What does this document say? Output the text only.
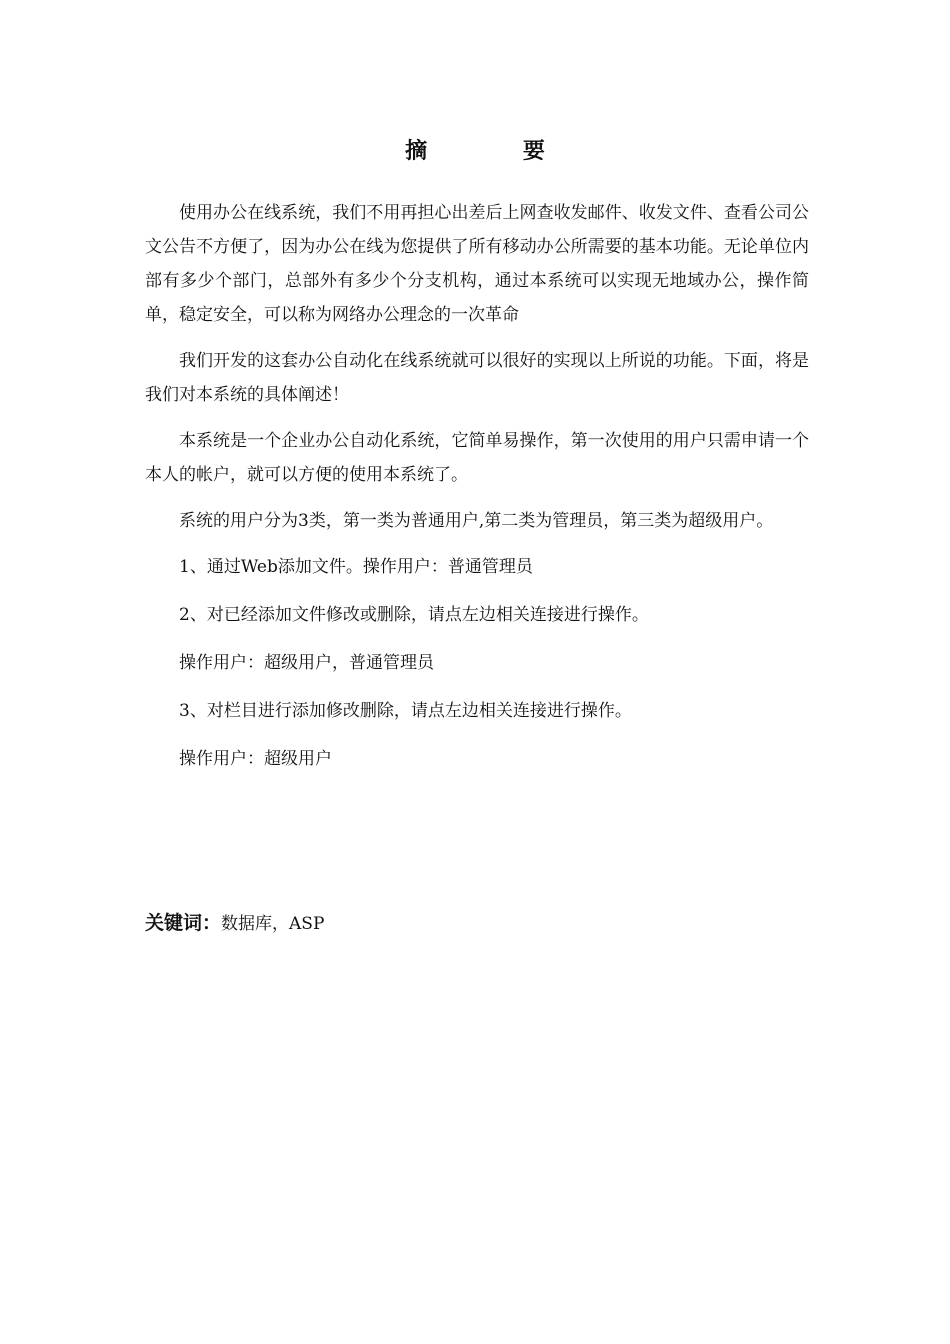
摘 要

使用办公在线系统，我们不用再担心出差后上网查收发邮件、收发文件、查看公司公文公告不方便了，因为办公在线为您提供了所有移动办公所需要的基本功能。无论单位内部有多少个部门，总部外有多少个分支机构，通过本系统可以实现无地域办公，操作简单，稳定安全，可以称为网络办公理念的一次革命

我们开发的这套办公自动化在线系统就可以很好的实现以上所说的功能。下面，将是我们对本系统的具体阐述！

本系统是一个企业办公自动化系统，它简单易操作，第一次使用的用户只需申请一个本人的帐户，就可以方便的使用本系统了。

系统的用户分为3类，第一类为普通用户,第二类为管理员，第三类为超级用户。

1、通过Web添加文件。操作用户：普通管理员
2、对已经添加文件修改或删除，请点左边相关连接进行操作。
操作用户：超级用户，普通管理员
3、对栏目进行添加修改删除，请点左边相关连接进行操作。
操作用户：超级用户
关键词：数据库，ASP
